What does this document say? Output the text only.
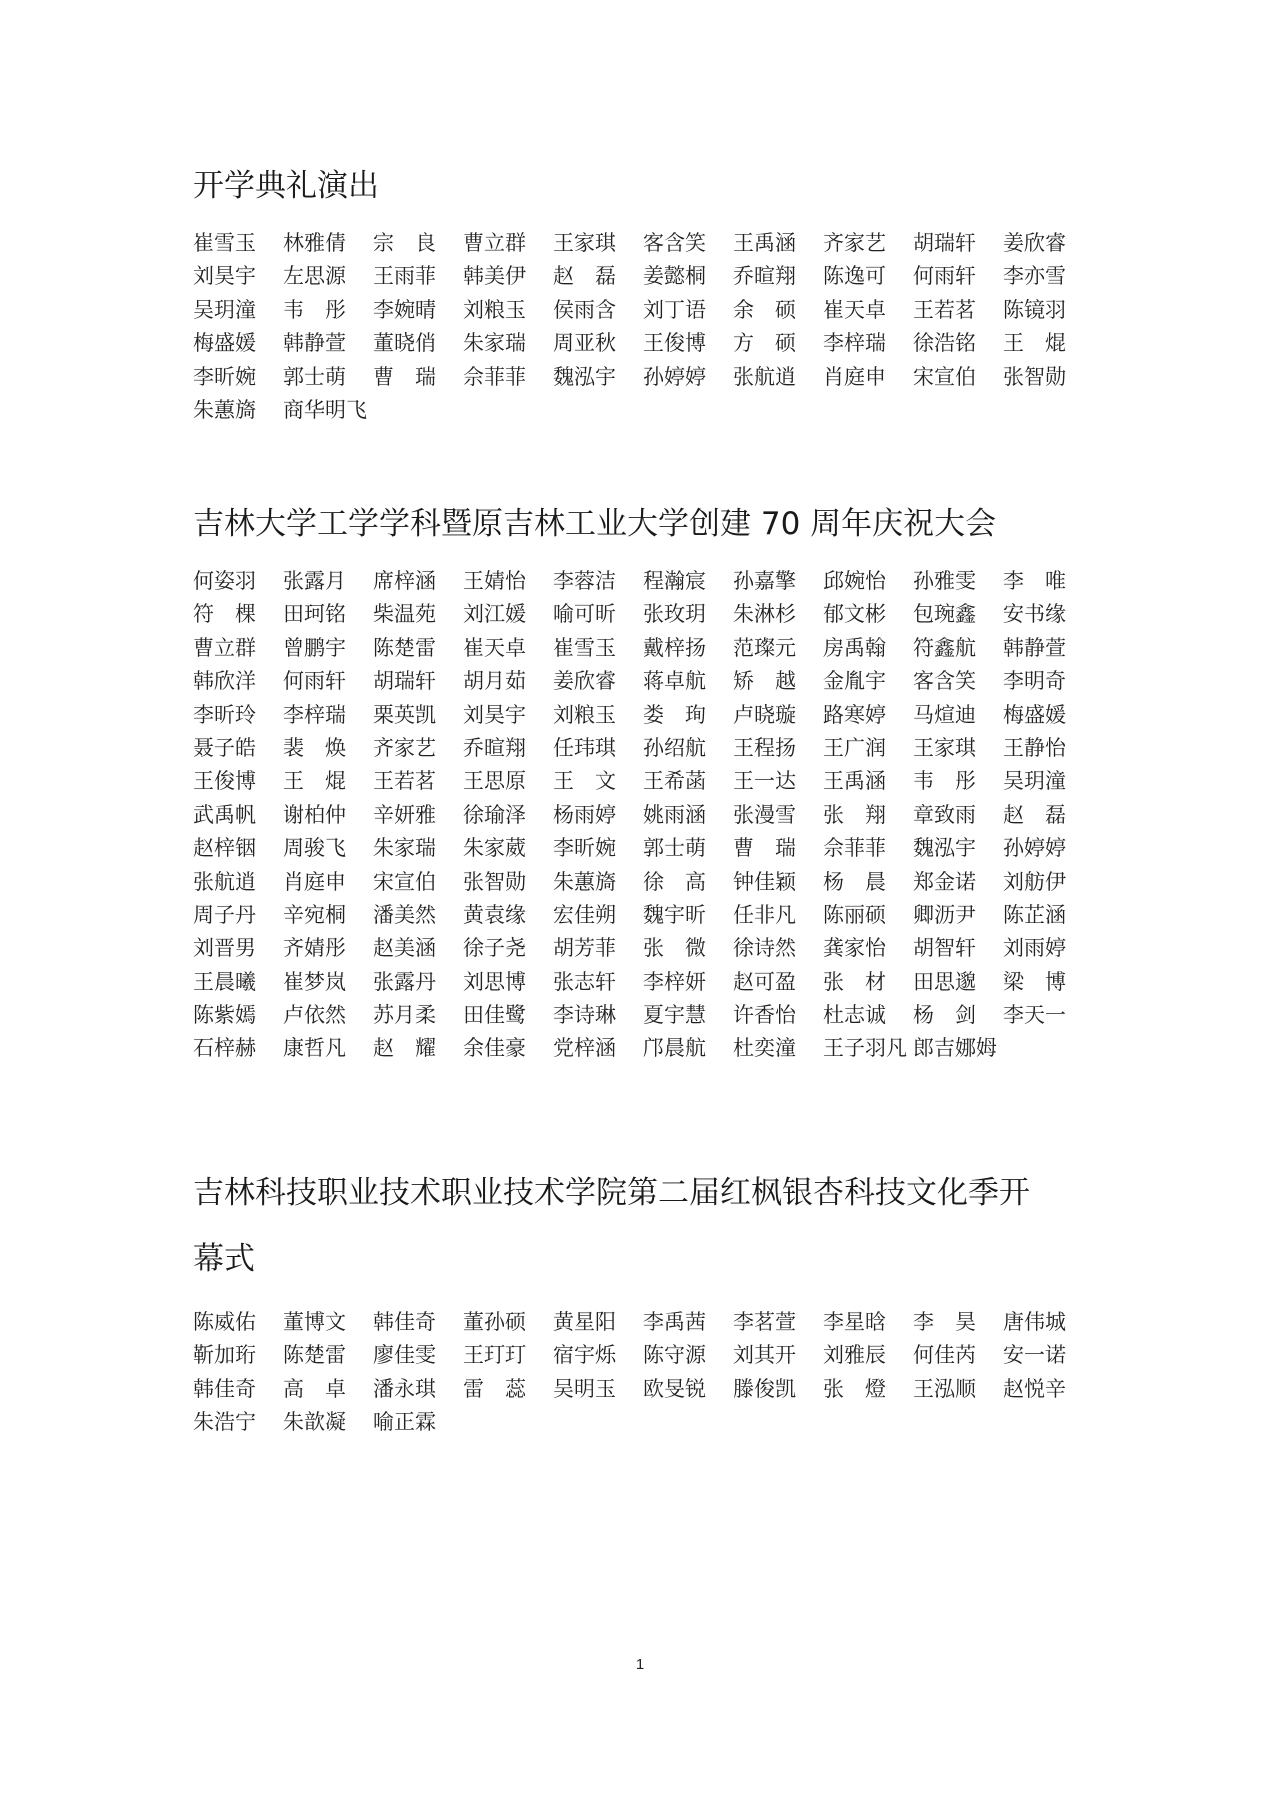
开学典礼演出
崔雪玉	林雅倩	宗　良	曹立群	王家琪	客含笑	王禹涵	齐家艺	胡瑞轩	姜欣睿
刘昊宇	左思源	王雨菲	韩美伊	赵　磊	姜懿桐	乔暄翔	陈逸可	何雨轩	李亦雪
吴玥潼	韦　彤	李婉晴	刘粮玉	侯雨含	刘丁语	余　硕	崔天卓	王若茗	陈镜羽
梅盛媛	韩静萱	董晓俏	朱家瑞	周亚秋	王俊博	方　硕	李梓瑞	徐浩铭	王　焜
李昕婉	郭士萌	曹　瑞	佘菲菲	魏泓宇	孙婷婷	张航逍	肖庭申	宋宣伯	张智勋
朱蕙旖	商华明飞
吉林大学工学学科暨原吉林工业大学创建 70 周年庆祝大会
何姿羽	张露月	席梓涵	王婧怡	李蓉洁	程瀚宸	孙嘉擎	邱婉怡	孙雅雯	李　唯
符　棵	田珂铭	柴温苑	刘江媛	喻可昕	张玫玥	朱淋杉	郁文彬	包琬鑫	安书缘
曹立群	曾鹏宇	陈楚雷	崔天卓	崔雪玉	戴梓扬	范璨元	房禹翰	符鑫航	韩静萱
韩欣洋	何雨轩	胡瑞轩	胡月茹	姜欣睿	蒋卓航	矫　越	金胤宇	客含笑	李明奇
李昕玲	李梓瑞	栗英凯	刘昊宇	刘粮玉	娄　珣	卢晓璇	路寒婷	马煊迪	梅盛媛
聂子皓	裴　焕	齐家艺	乔暄翔	任玮琪	孙绍航	王程扬	王广润	王家琪	王静怡
王俊博	王　焜	王若茗	王思原	王　文	王希菡	王一达	王禹涵	韦　彤	吴玥潼
武禹帆	谢柏仲	辛妍雅	徐瑜泽	杨雨婷	姚雨涵	张漫雪	张　翔	章致雨	赵　磊
赵梓铟	周骏飞	朱家瑞	朱家葳	李昕婉	郭士萌	曹　瑞	佘菲菲	魏泓宇	孙婷婷
张航逍	肖庭申	宋宣伯	张智勋	朱蕙旖	徐　高	钟佳颖	杨　晨	郑金诺	刘舫伊
周子丹	辛宛桐	潘美然	黄袁缘	宏佳朔	魏宇昕	任非凡	陈丽硕	卿沥尹	陈芷涵
刘晋男	齐婧彤	赵美涵	徐子尧	胡芳菲	张　微	徐诗然	龚家怡	胡智轩	刘雨婷
王晨曦	崔梦岚	张露丹	刘思博	张志轩	李梓妍	赵可盈	张　材	田思邈	梁　博
陈紫嫣	卢依然	苏月柔	田佳鹭	李诗琳	夏宇慧	许香怡	杜志诚	杨　剑	李天一
石梓赫	康哲凡	赵　耀	余佳豪	党梓涵	邝晨航	杜奕潼	王子羽凡 郎吉娜姆
吉林科技职业技术职业技术学院第二届红枫银杏科技文化季开
幕式
陈威佑	董博文	韩佳奇	董孙硕	黄星阳	李禹茜	李茗萱	李星晗	李　昊	唐伟城
靳加珩	陈楚雷	廖佳雯	王玎玎	宿宇烁	陈守源	刘其开	刘雅辰	何佳芮	安一诺
韩佳奇	高　卓	潘永琪	雷　蕊	吴明玉	欧旻锐	滕俊凯	张　燈	王泓顺	赵悦辛
朱浩宁	朱歆凝	喻正霖
1
